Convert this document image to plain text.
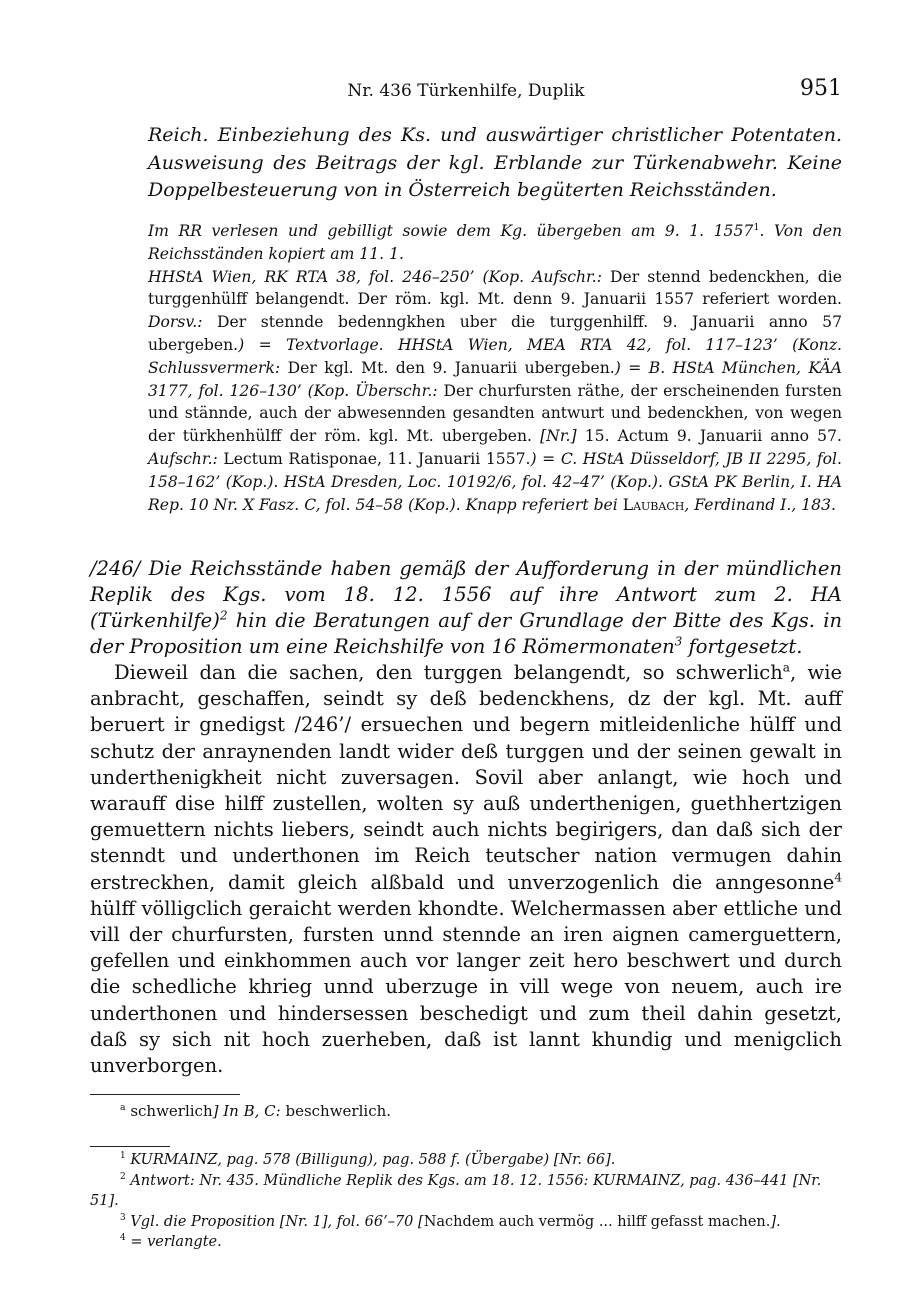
Nr. 436 Türkenhilfe, Duplik	951

Reich. Einbeziehung des Ks. und auswärtiger christlicher Potentaten. Ausweisung des Beitrags der kgl. Erblande zur Türkenabwehr. Keine Doppelbesteuerung von in Österreich begüterten Reichsständen.

Im RR verlesen und gebilligt sowie dem Kg. übergeben am 9. 1. 1557$^1$. Von den Reichsständen kopiert am 11. 1.

HHStA Wien, RK RTA 38, fol. 246–250’ (Kop. Aufschr.: Der stennd bedenckhen, die turggenhülff belangendt. Der röm. kgl. Mt. denn 9. Januarii 1557 referiert worden. Dorsv.: Der stennde bedenngkhen uber die turggenhilff. 9. Januarii anno 57 ubergeben.) = Textvorlage. HHStA Wien, MEA RTA 42, fol. 117–123’ (Konz. Schlussvermerk: Der kgl. Mt. den 9. Januarii ubergeben.) = B. HStA München, KÄA 3177, fol. 126–130’ (Kop. Überschr.: Der churfursten räthe, der erscheinenden fursten und stännde, auch der abwesennden gesandten antwurt und bedenckhen, von wegen der türkhenhülff der röm. kgl. Mt. ubergeben. [Nr.] 15. Actum 9. Januarii anno 57. Aufschr.: Lectum Ratisponae, 11. Januarii 1557.) = C. HStA Düsseldorf, JB II 2295, fol. 158–162’ (Kop.). HStA Dresden, Loc. 10192/6, fol. 42–47’ (Kop.). GStA PK Berlin, I. HA Rep. 10 Nr. X Fasz. C, fol. 54–58 (Kop.). Knapp referiert bei Laubach, Ferdinand I., 183.

/246/ Die Reichsstände haben gemäß der Aufforderung in der mündlichen Replik des Kgs. vom 18. 12. 1556 auf ihre Antwort zum 2. HA (Türkenhilfe)$^2$ hin die Beratungen auf der Grundlage der Bitte des Kgs. in der Proposition um eine Reichshilfe von 16 Römermonaten$^3$ fortgesetzt.

Dieweil dan die sachen, den turggen belangendt, so schwerlich$^a$, wie anbracht, geschaffen, seindt sy deß bedenckhens, dz der kgl. Mt. auff beruert ir gnedigst /246’/ ersuechen und begern mitleidenliche hülff und schutz der anraynenden landt wider deß turggen und der seinen gewalt in underthenigkheit nicht zuversagen. Sovil aber anlangt, wie hoch und warauff dise hilff zustellen, wolten sy auß underthenigen, guethhertzigen gemuettern nichts liebers, seindt auch nichts begirigers, dan daß sich der stenndt und underthonen im Reich teutscher nation vermugen dahin erstreckhen, damit gleich alßbald und unverzogenlich die anngesonne$^4$ hülff völligclich geraicht werden khondte. Welchermassen aber ettliche und vill der churfursten, fursten unnd stennde an iren aignen camerguettern, gefellen und einkhommen auch vor langer zeit hero beschwert und durch die schedliche khrieg unnd uberzuge in vill wege von neuem, auch ire underthonen und hindersessen beschedigt und zum theil dahin gesetzt, daß sy sich nit hoch zuerheben, daß ist lannt khundig und menigclich unverborgen.

$^a$ schwerlich] In B, C: beschwerlich.

$^1$ KURMAINZ, pag. 578 (Billigung), pag. 588 f. (Übergabe) [Nr. 66].

$^2$ Antwort: Nr. 435. Mündliche Replik des Kgs. am 18. 12. 1556: KURMAINZ, pag. 436–441 [Nr. 51].

$^3$ Vgl. die Proposition [Nr. 1], fol. 66’–70 [Nachdem auch vermög ... hilff gefasst machen.].

$^4$ = verlangte.
